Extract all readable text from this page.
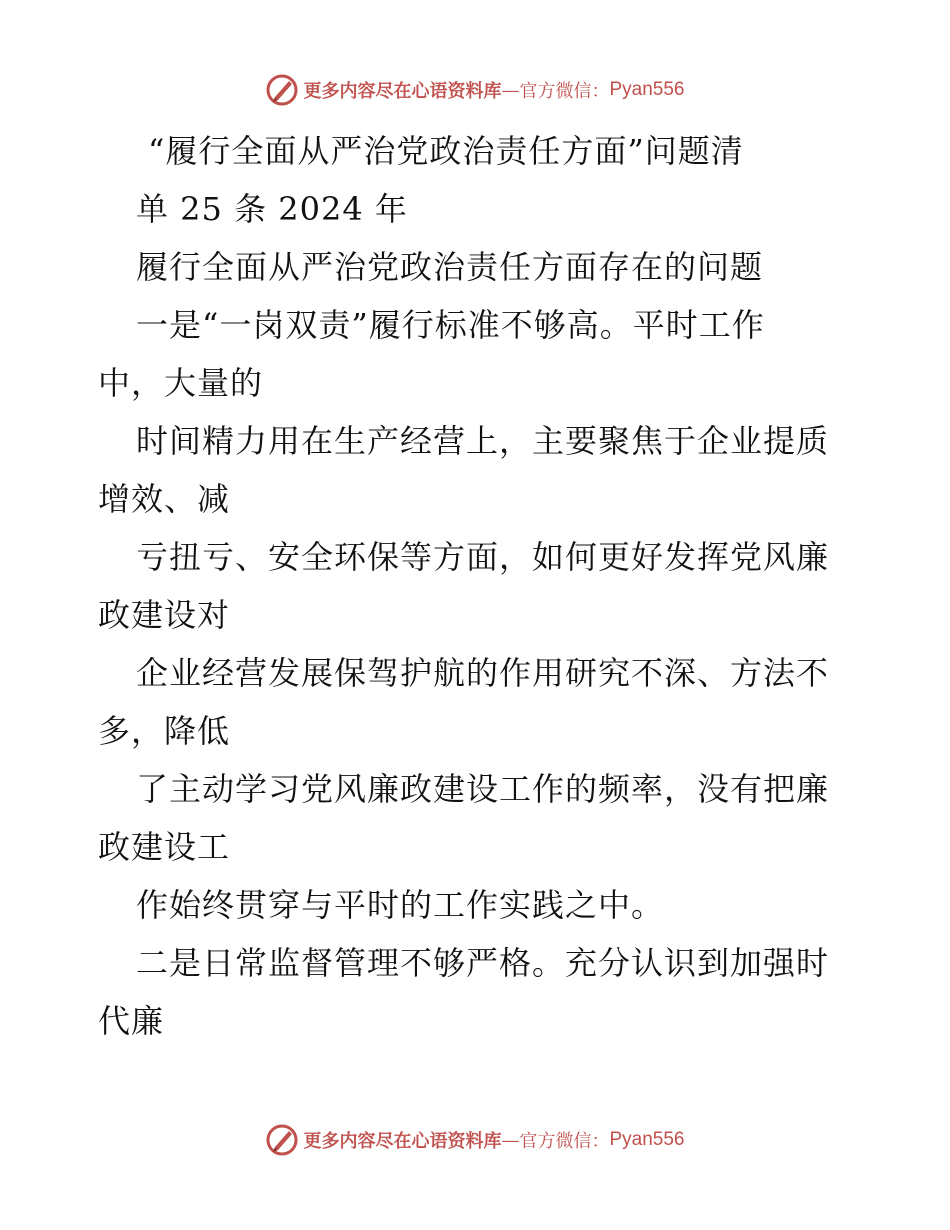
更多内容尽在心语资料库 — 官方微信： Pyan556
“履行全面从严治党政治责任方面”问题清
单 25 条 2024 年
履行全面从严治党政治责任方面存在的问题
一是“一岗双责”履行标准不够高。平时工作
中，大量的
时间精力用在生产经营上，主要聚焦于企业提质
增效、减
亏扭亏、安全环保等方面，如何更好发挥党风廉
政建设对
企业经营发展保驾护航的作用研究不深、方法不
多，降低
了主动学习党风廉政建设工作的频率，没有把廉
政建设工
作始终贯穿与平时的工作实践之中。
二是日常监督管理不够严格。充分认识到加强时
代廉
更多内容尽在心语资料库 — 官方微信： Pyan556
